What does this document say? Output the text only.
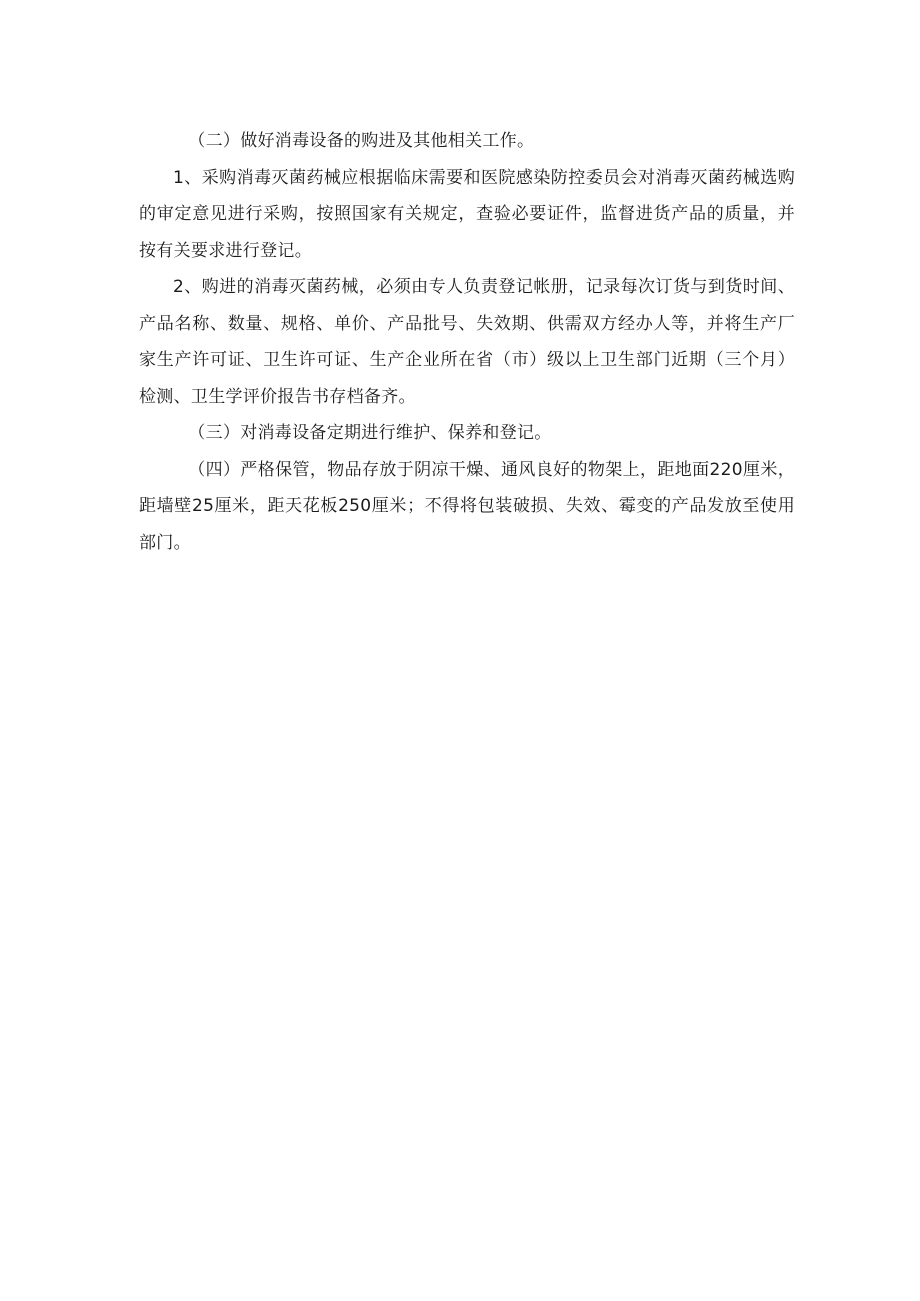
（二）做好消毒设备的购进及其他相关工作。

1、采购消毒灭菌药械应根据临床需要和医院感染防控委员会对消毒灭菌药械选购的审定意见进行采购，按照国家有关规定，查验必要证件，监督进货产品的质量，并按有关要求进行登记。

2、购进的消毒灭菌药械，必须由专人负责登记帐册，记录每次订货与到货时间、产品名称、数量、规格、单价、产品批号、失效期、供需双方经办人等，并将生产厂家生产许可证、卫生许可证、生产企业所在省（市）级以上卫生部门近期（三个月）检测、卫生学评价报告书存档备齐。

（三）对消毒设备定期进行维护、保养和登记。

（四）严格保管，物品存放于阴凉干燥、通风良好的物架上，距地面220厘米，距墙壁25厘米，距天花板250厘米；不得将包装破损、失效、霉变的产品发放至使用部门。
